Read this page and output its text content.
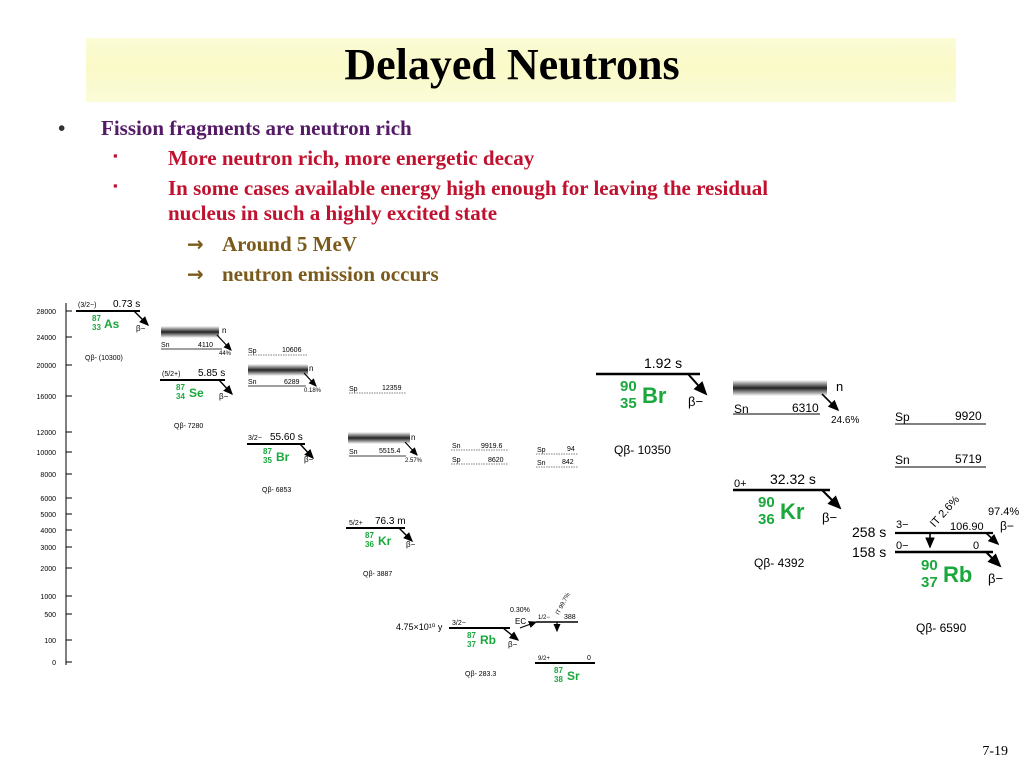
Delayed Neutrons
• Fission fragments are neutron rich
▪ More neutron rich, more energetic decay
▪ In some cases available energy high enough for leaving the residual
nucleus in such a highly excited state
→ Around 5 MeV
→ neutron emission occurs
28000
24000
20000
16000
12000
10000
8000
6000
5000
4000
3000
2000
1000
500
100
0
(3/2−) 0.73 s
87
33 As β−
Qβ- (10300)
n
Sn	4110
44%
(5/2+) 5.85 s
87
34 Se β−
Qβ- 7280
Sp	10606
n
Sn	6289
0.18%
3/2− 55.60 s
87
35 Br β−
Qβ- 6853
Sp	12359
n
Sn	5515.4
2.57%
5/2+ 76.3 m
87
36 Kr β−
Qβ- 3887
Sn	9919.6
Sp	8620
Sp	94
Sn 842
4.75×10¹⁰ y 3/2−
87
37 Rb β−
Qβ- 283.3
0.30%
EC 1/2−
IT 99.7%
388
9/2+	0
87
38 Sr
1.92 s
90
35 Br β−
Qβ- 10350
n
Sn	6310
24.6%
0+ 32.32 s
90
36 Kr β−
Qβ- 4392
Sp	9920
Sn	5719
258 s
158 s
3−
0−
IT 2.6%
106.90
0
97.4%
β−
90
37 Rb β−
Qβ- 6590
7-19
